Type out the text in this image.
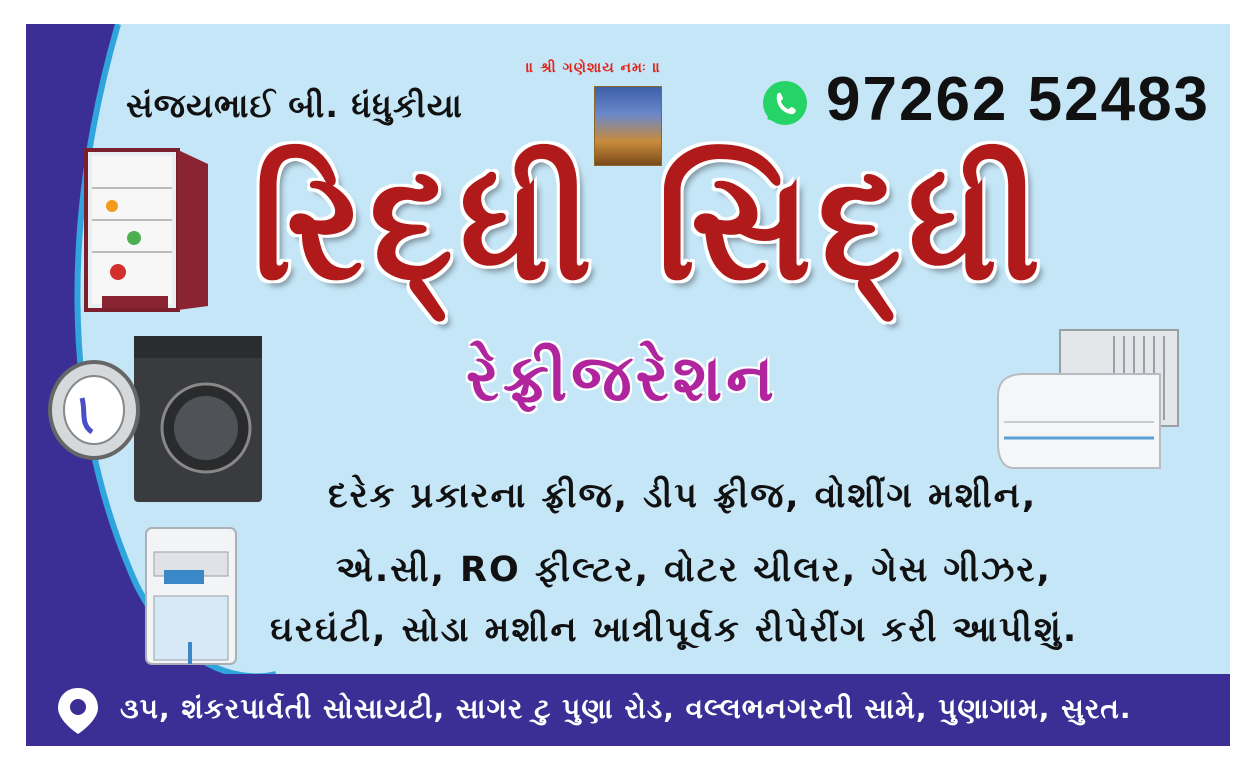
સંજયભાઈ બી. ધંધુકીયા
॥ શ્રી ગણેશાય નમઃ ॥	97262 52483
રિદ્ધી સિદ્ધી
રેફ્રીજરેશન
દરેક પ્રકારના ફ્રીજ, ડીપ ફ્રીજ, વોશીંગ મશીન,
એ.સી, RO ફીલ્ટર, વોટર ચીલર, ગેસ ગીઝર,
ઘરઘંટી, સોડા મશીન ખાત્રીપૂર્વક રીપેરીંગ કરી આપીશું.
૩૫, શંકરપાર્વતી સોસાયટી, સાગર ટુ પુણા રોડ, વલ્લભનગરની સામે, પુણાગામ, સુરત.
